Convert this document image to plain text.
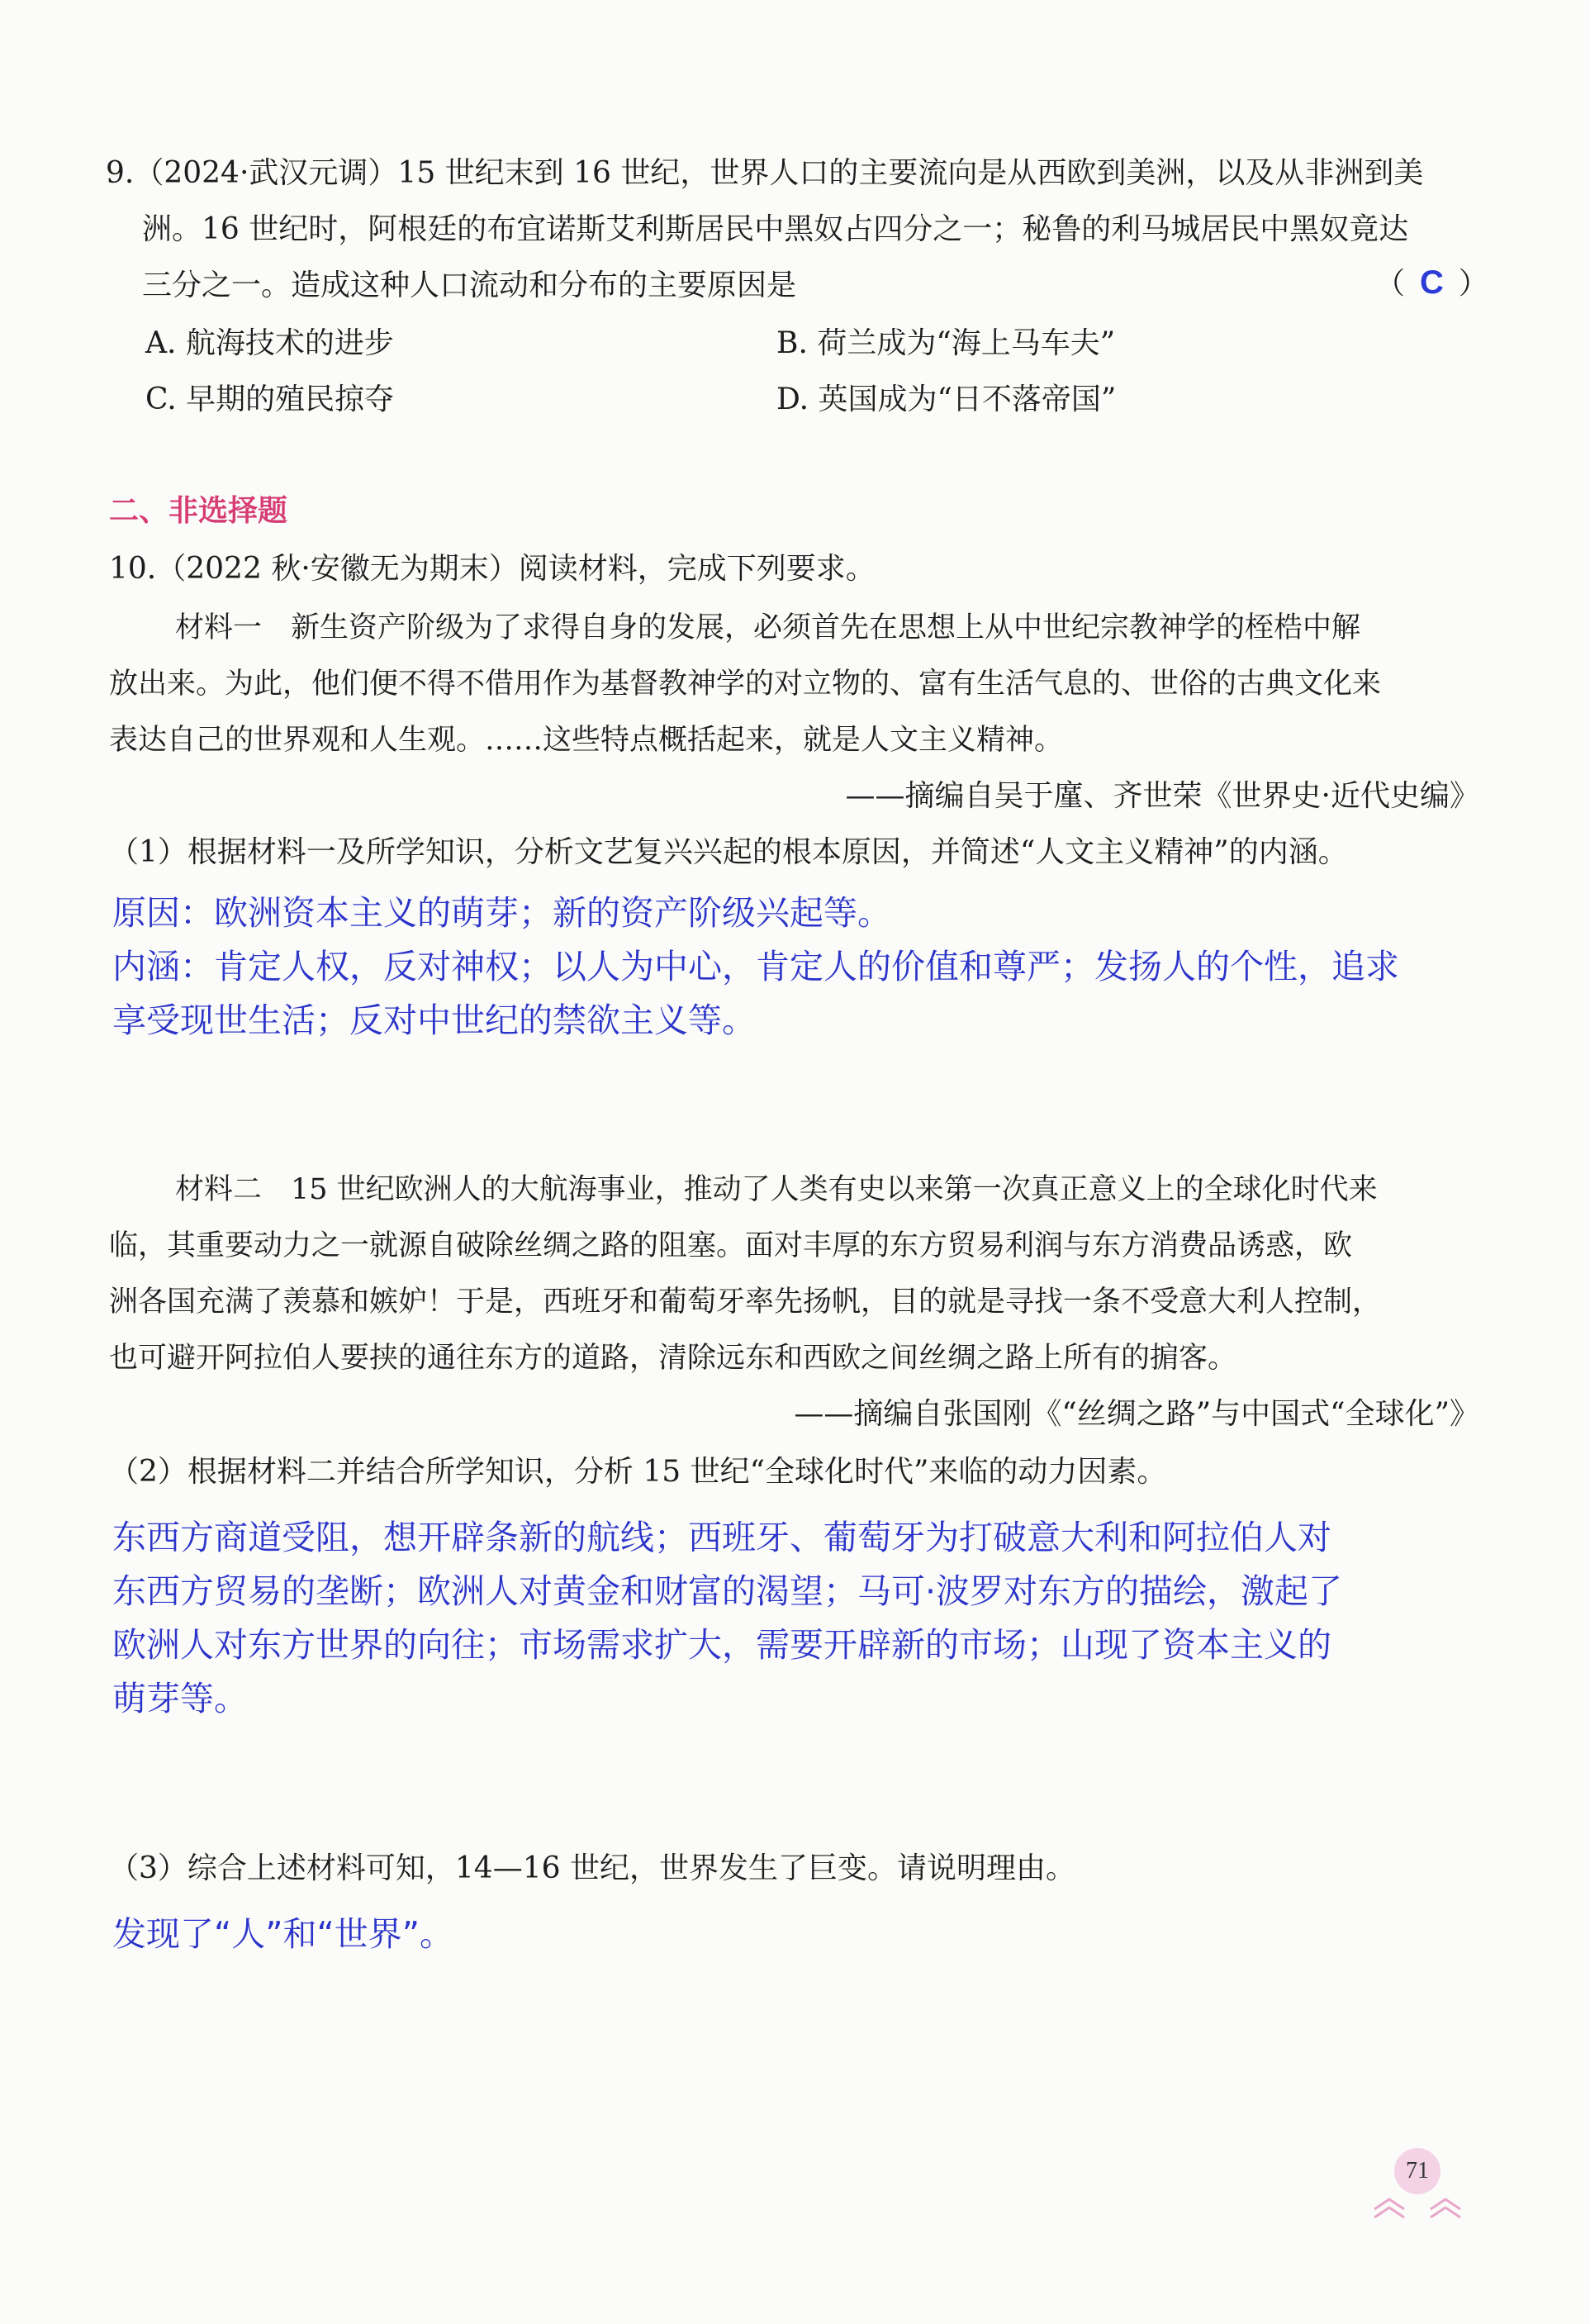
9.（2024·武汉元调）15 世纪末到 16 世纪，世界人口的主要流向是从西欧到美洲，以及从非洲到美
洲。16 世纪时，阿根廷的布宜诺斯艾利斯居民中黑奴占四分之一；秘鲁的利马城居民中黑奴竟达
三分之一。造成这种人口流动和分布的主要原因是	（ C ）
A. 航海技术的进步	B. 荷兰成为“海上马车夫”
C. 早期的殖民掠夺	D. 英国成为“日不落帝国”
二、非选择题
10.（2022 秋·安徽无为期末）阅读材料，完成下列要求。
材料一　新生资产阶级为了求得自身的发展，必须首先在思想上从中世纪宗教神学的桎梏中解
放出来。为此，他们便不得不借用作为基督教神学的对立物的、富有生活气息的、世俗的古典文化来
表达自己的世界观和人生观。……这些特点概括起来，就是人文主义精神。
——摘编自吴于廑、齐世荣《世界史·近代史编》
（1）根据材料一及所学知识，分析文艺复兴兴起的根本原因，并简述“人文主义精神”的内涵。
原因：欧洲资本主义的萌芽；新的资产阶级兴起等。
内涵：肯定人权，反对神权；以人为中心，肯定人的价值和尊严；发扬人的个性，追求
享受现世生活；反对中世纪的禁欲主义等。
材料二　15 世纪欧洲人的大航海事业，推动了人类有史以来第一次真正意义上的全球化时代来
临，其重要动力之一就源自破除丝绸之路的阻塞。面对丰厚的东方贸易利润与东方消费品诱惑，欧
洲各国充满了羡慕和嫉妒！于是，西班牙和葡萄牙率先扬帆，目的就是寻找一条不受意大利人控制，
也可避开阿拉伯人要挟的通往东方的道路，清除远东和西欧之间丝绸之路上所有的掮客。
——摘编自张国刚《“丝绸之路”与中国式“全球化”》
（2）根据材料二并结合所学知识，分析 15 世纪“全球化时代”来临的动力因素。
东西方商道受阻，想开辟条新的航线；西班牙、葡萄牙为打破意大利和阿拉伯人对
东西方贸易的垄断；欧洲人对黄金和财富的渴望；马可·波罗对东方的描绘，激起了
欧洲人对东方世界的向往；市场需求扩大，需要开辟新的市场；山现了资本主义的
萌芽等。
（3）综合上述材料可知，14—16 世纪，世界发生了巨变。请说明理由。
发现了“人”和“世界”。
71
